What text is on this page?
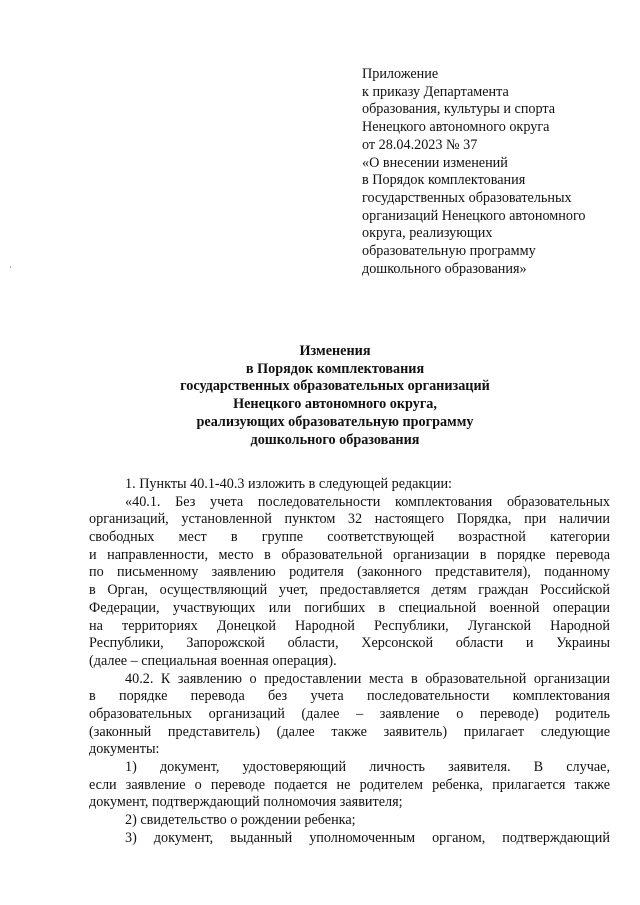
Приложение
к приказу Департамента
образования, культуры и спорта
Ненецкого автономного округа
от 28.04.2023 № 37
«О внесении изменений
в Порядок комплектования
государственных образовательных
организаций Ненецкого автономного
округа, реализующих
образовательную программу
дошкольного образования»
Изменения
в Порядок комплектования
государственных образовательных организаций
Ненецкого автономного округа,
реализующих образовательную программу
дошкольного образования
1. Пункты 40.1-40.3 изложить в следующей редакции:
«40.1. Без учета последовательности комплектования образовательных
организаций, установленной пунктом 32 настоящего Порядка, при наличии
свободных мест в группе соответствующей возрастной категории
и направленности, место в образовательной организации в порядке перевода
по письменному заявлению родителя (законного представителя), поданному
в Орган, осуществляющий учет, предоставляется детям граждан Российской
Федерации, участвующих или погибших в специальной военной операции
на территориях Донецкой Народной Республики, Луганской Народной
Республики, Запорожской области, Херсонской области и Украины
(далее – специальная военная операция).
40.2. К заявлению о предоставлении места в образовательной организации
в порядке перевода без учета последовательности комплектования
образовательных организаций (далее – заявление о переводе) родитель
(законный представитель) (далее также заявитель) прилагает следующие
документы:
1) документ, удостоверяющий личность заявителя. В случае,
если заявление о переводе подается не родителем ребенка, прилагается также
документ, подтверждающий полномочия заявителя;
2) свидетельство о рождении ребенка;
3) документ, выданный уполномоченным органом, подтверждающий
